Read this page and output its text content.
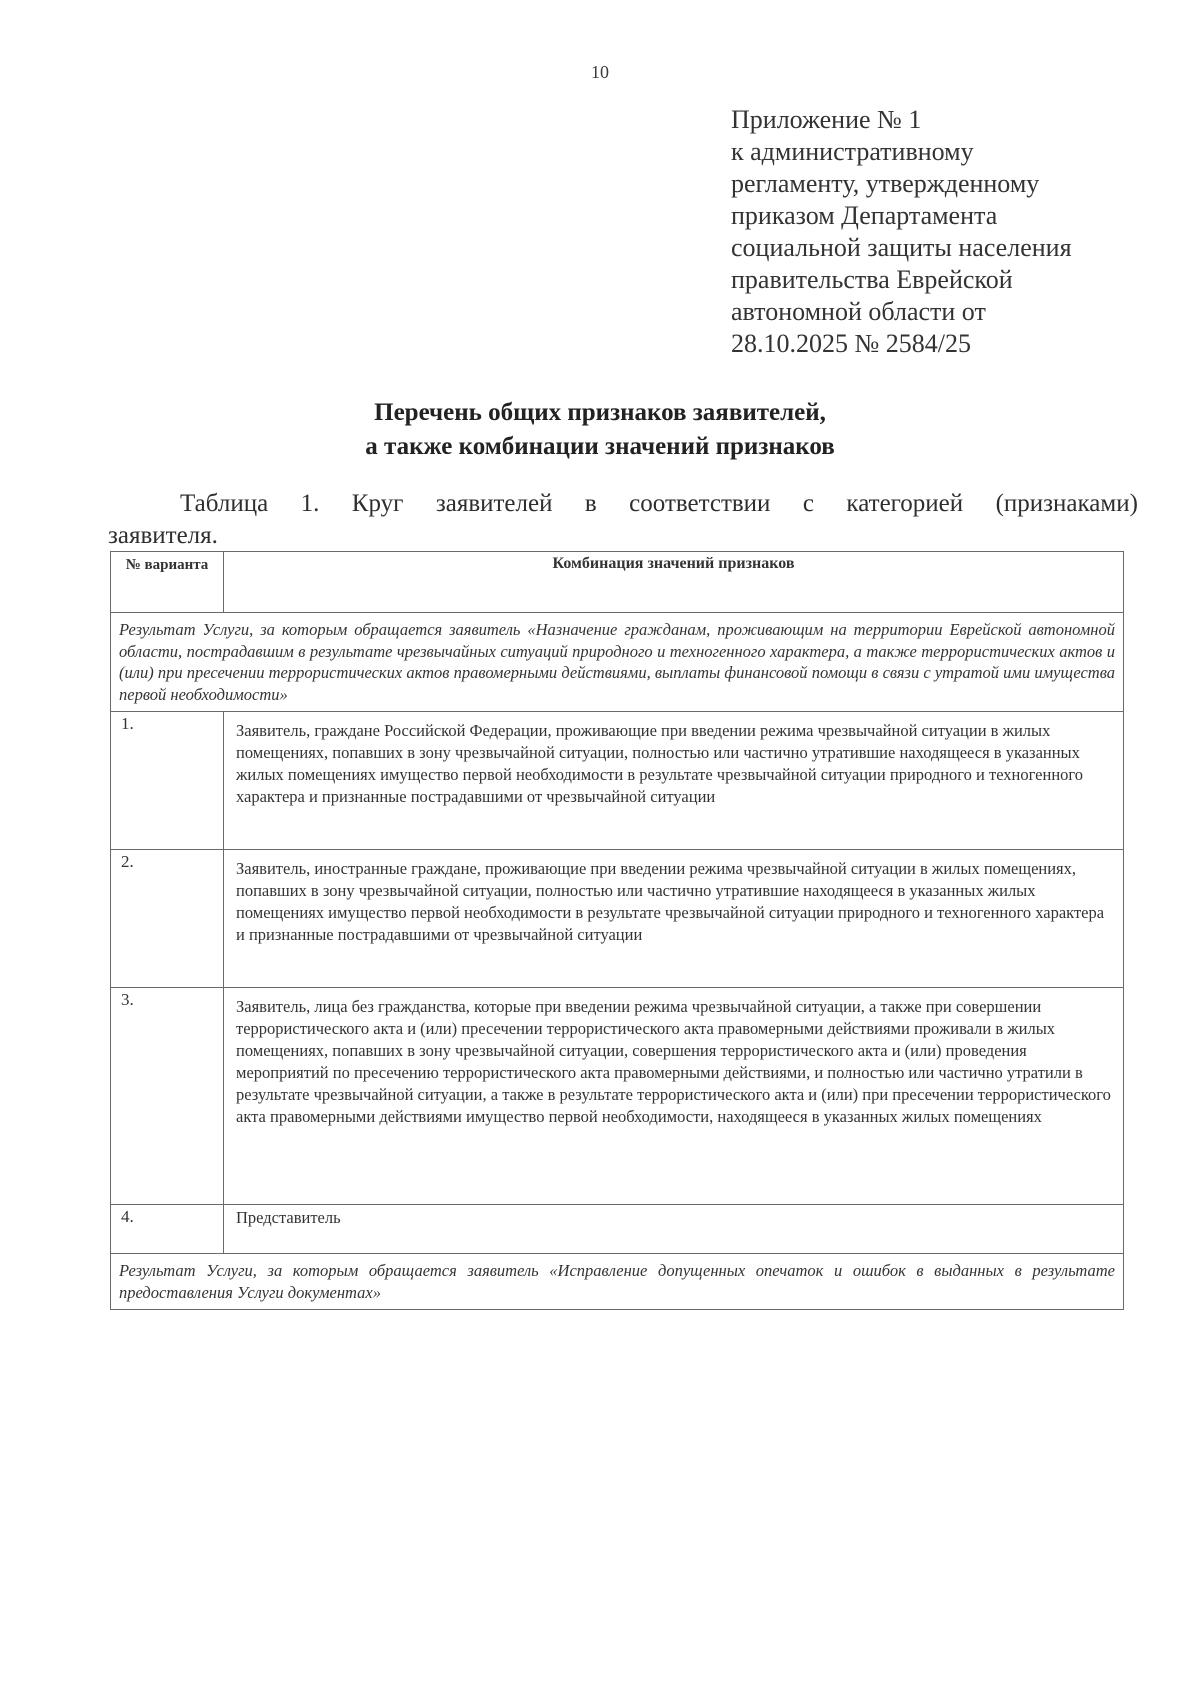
10
Приложение № 1
к административному
регламенту, утвержденному
приказом Департамента
социальной защиты населения
правительства Еврейской
автономной области от
28.10.2025 № 2584/25
Перечень общих признаков заявителей,
а также комбинации значений признаков
Таблица 1. Круг заявителей в соответствии с категорией (признаками)
заявителя.
№ варианта	Комбинация значений признаков
Результат Услуги, за которым обращается заявитель «Назначение гражданам, проживающим на территории Еврейской автономной области, пострадавшим в результате чрезвычайных ситуаций природного и техногенного характера, а также террористических актов и (или) при пресечении террористических актов правомерными действиями, выплаты финансовой помощи в связи с утратой ими имущества первой необходимости»	
1.	Заявитель, граждане Российской Федерации, проживающие при введении режима чрезвычайной ситуации в жилых помещениях, попавших в зону чрезвычайной ситуации, полностью или частично утратившие находящееся в указанных жилых помещениях имущество первой необходимости в результате чрезвычайной ситуации природного и техногенного характера и признанные пострадавшими от чрезвычайной ситуации
2.	Заявитель, иностранные граждане, проживающие при введении режима чрезвычайной ситуации в жилых помещениях, попавших в зону чрезвычайной ситуации, полностью или частично утратившие находящееся в указанных жилых помещениях имущество первой необходимости в результате чрезвычайной ситуации природного и техногенного характера и признанные пострадавшими от чрезвычайной ситуации
3.	Заявитель, лица без гражданства, которые при введении режима чрезвычайной ситуации, а также при совершении террористического акта и (или) пресечении террористического акта правомерными действиями проживали в жилых помещениях, попавших в зону чрезвычайной ситуации, совершения террористического акта и (или) проведения мероприятий по пресечению террористического акта правомерными действиями, и полностью или частично утратили в результате чрезвычайной ситуации, а также в результате террористического акта и (или) при пресечении террористического акта правомерными действиями имущество первой необходимости, находящееся в указанных жилых помещениях
4.	Представитель
Результат Услуги, за которым обращается заявитель «Исправление допущенных опечаток и ошибок в выданных в результате предоставления Услуги документах»	
